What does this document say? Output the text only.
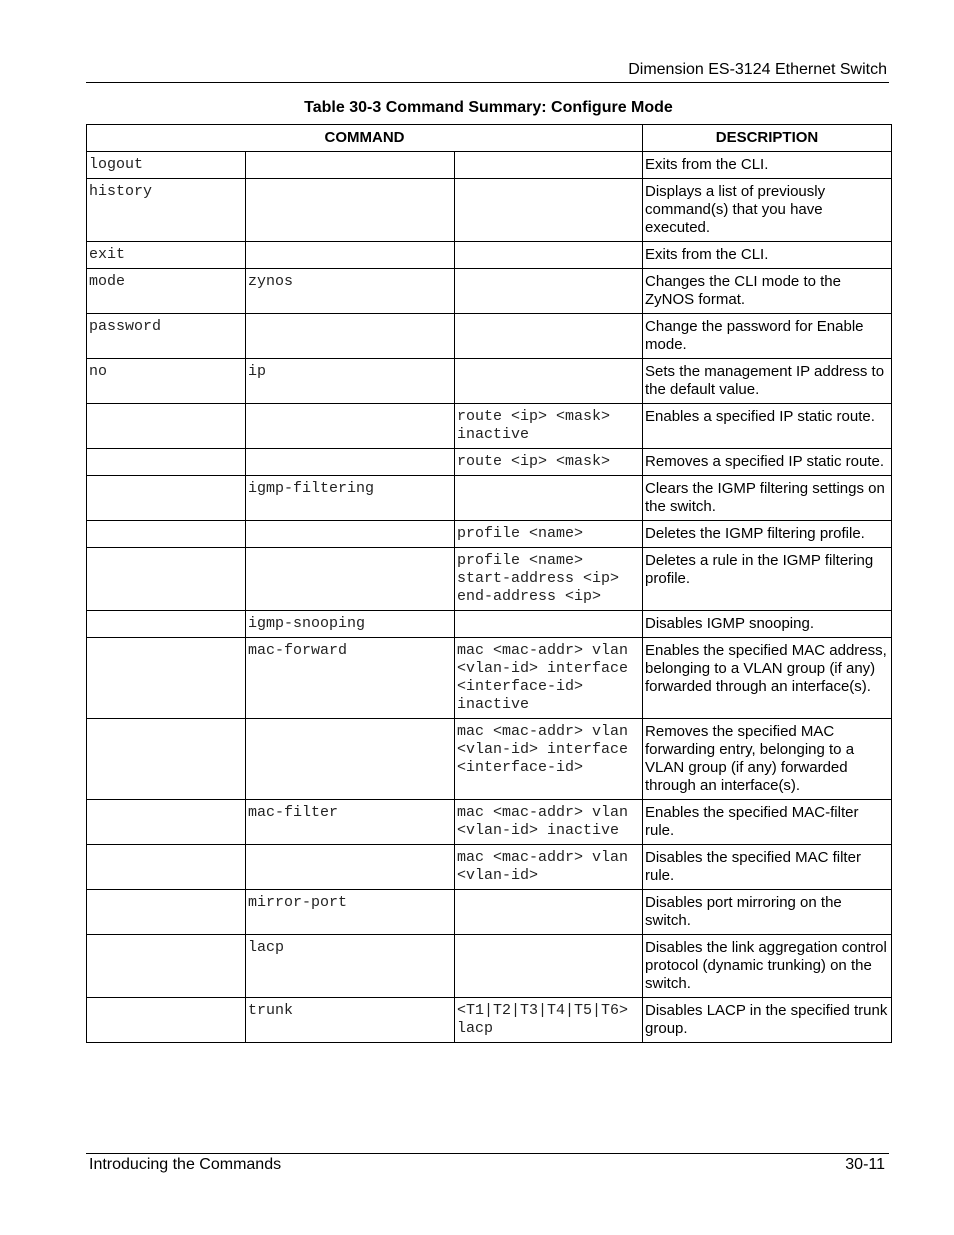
Dimension ES-3124 Ethernet Switch
Table 30-3 Command Summary: Configure Mode
COMMAND			DESCRIPTION
logout			Exits from the CLI.
history			Displays a list of previously command(s) that you have executed.
exit			Exits from the CLI.
mode	zynos		Changes the CLI mode to the ZyNOS format.
password			Change the password for Enable mode.
no	ip		Sets the management IP address to the default value.
		route <ip> <mask> inactive	Enables a specified IP static route.
		route <ip> <mask>	Removes a specified IP static route.
	igmp-filtering		Clears the IGMP filtering settings on the switch.
		profile <name>	Deletes the IGMP filtering profile.
		profile <name> start-address <ip> end-address <ip>	Deletes a rule in the IGMP filtering profile.
	igmp-snooping		Disables IGMP snooping.
	mac-forward	mac <mac-addr> vlan <vlan-id> interface <interface-id> inactive	Enables the specified MAC address, belonging to a VLAN group (if any) forwarded through an interface(s).
		mac <mac-addr> vlan <vlan-id> interface <interface-id>	Removes the specified MAC forwarding entry, belonging to a VLAN group (if any) forwarded through an interface(s).
	mac-filter	mac <mac-addr> vlan <vlan-id> inactive	Enables the specified MAC-filter rule.
		mac <mac-addr> vlan <vlan-id>	Disables the specified MAC filter rule.
	mirror-port		Disables port mirroring on the switch.
	lacp		Disables the link aggregation control protocol (dynamic trunking) on the switch.
	trunk	<T1|T2|T3|T4|T5|T6> lacp	Disables LACP in the specified trunk group.
Introducing the Commands	30-11
